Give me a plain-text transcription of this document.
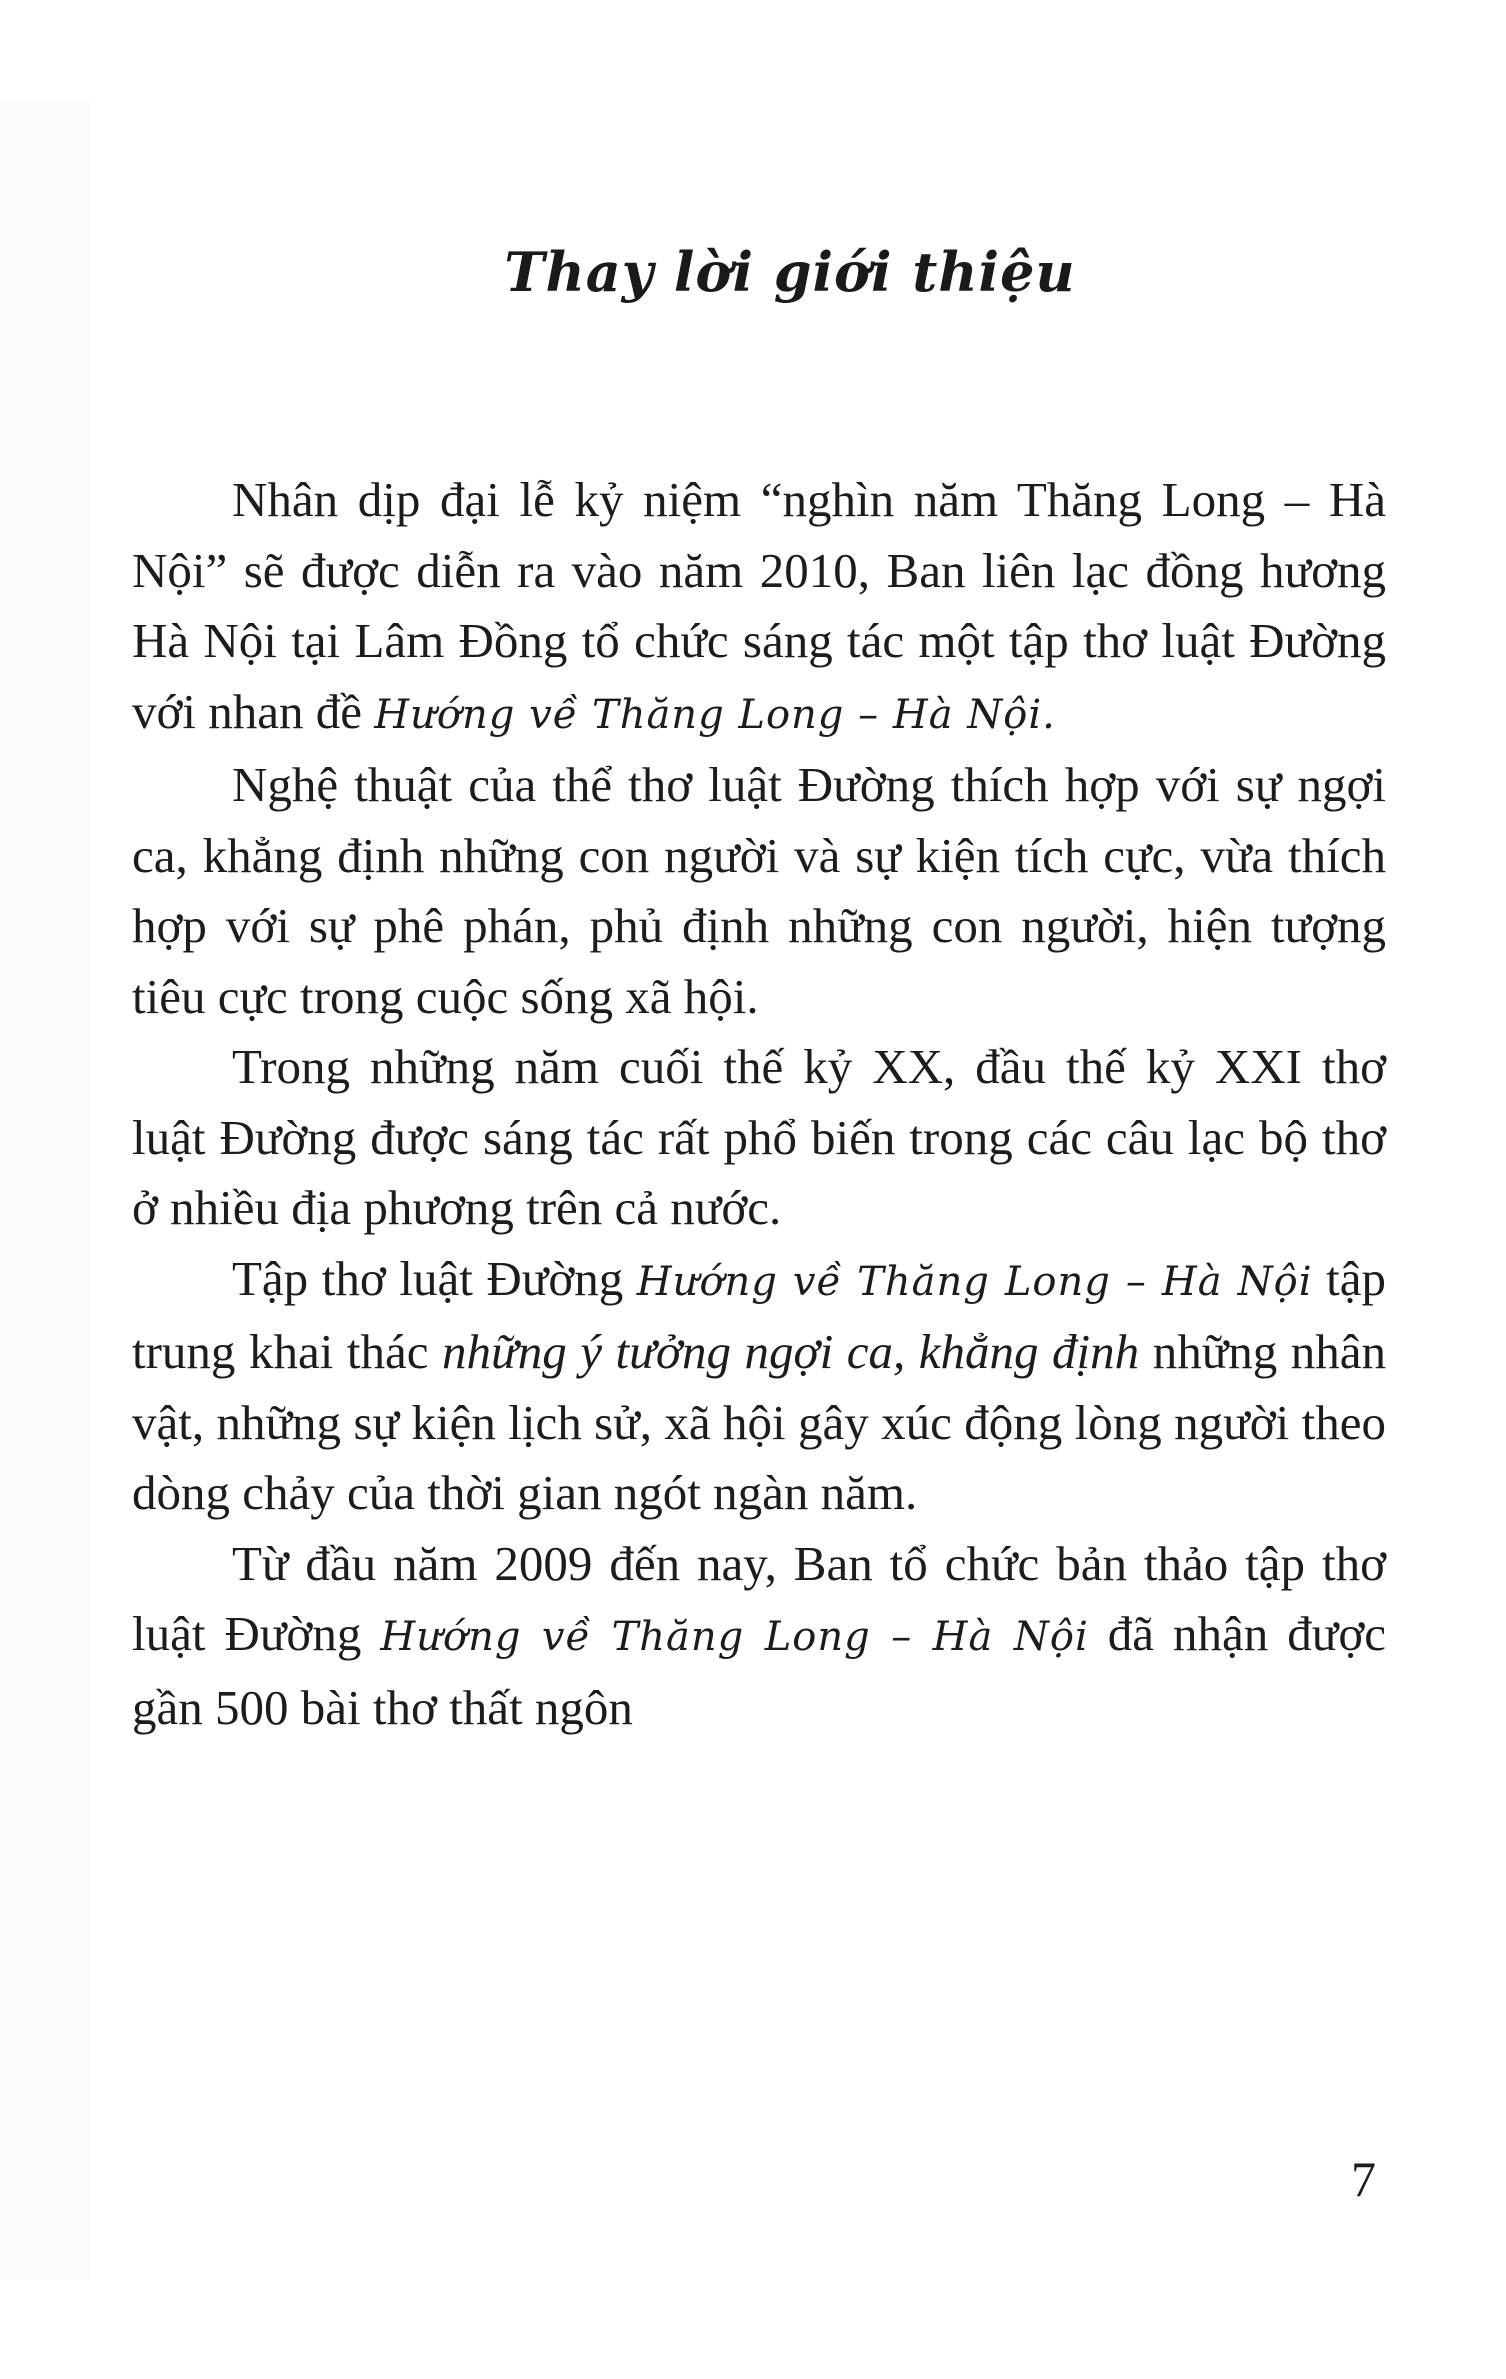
Thay lời giới thiệu

Nhân dịp đại lễ kỷ niệm “nghìn năm Thăng Long – Hà Nội” sẽ được diễn ra vào năm 2010, Ban liên lạc đồng hương Hà Nội tại Lâm Đồng tổ chức sáng tác một tập thơ luật Đường với nhan đề Hướng về Thăng Long – Hà Nội.

Nghệ thuật của thể thơ luật Đường thích hợp với sự ngợi ca, khẳng định những con người và sự kiện tích cực, vừa thích hợp với sự phê phán, phủ định những con người, hiện tượng tiêu cực trong cuộc sống xã hội.

Trong những năm cuối thế kỷ XX, đầu thế kỷ XXI thơ luật Đường được sáng tác rất phổ biến trong các câu lạc bộ thơ ở nhiều địa phương trên cả nước.

Tập thơ luật Đường Hướng về Thăng Long – Hà Nội tập trung khai thác những ý tưởng ngợi ca, khẳng định những nhân vật, những sự kiện lịch sử, xã hội gây xúc động lòng người theo dòng chảy của thời gian ngót ngàn năm.

Từ đầu năm 2009 đến nay, Ban tổ chức bản thảo tập thơ luật Đường Hướng về Thăng Long – Hà Nội đã nhận được gần 500 bài thơ thất ngôn

7
